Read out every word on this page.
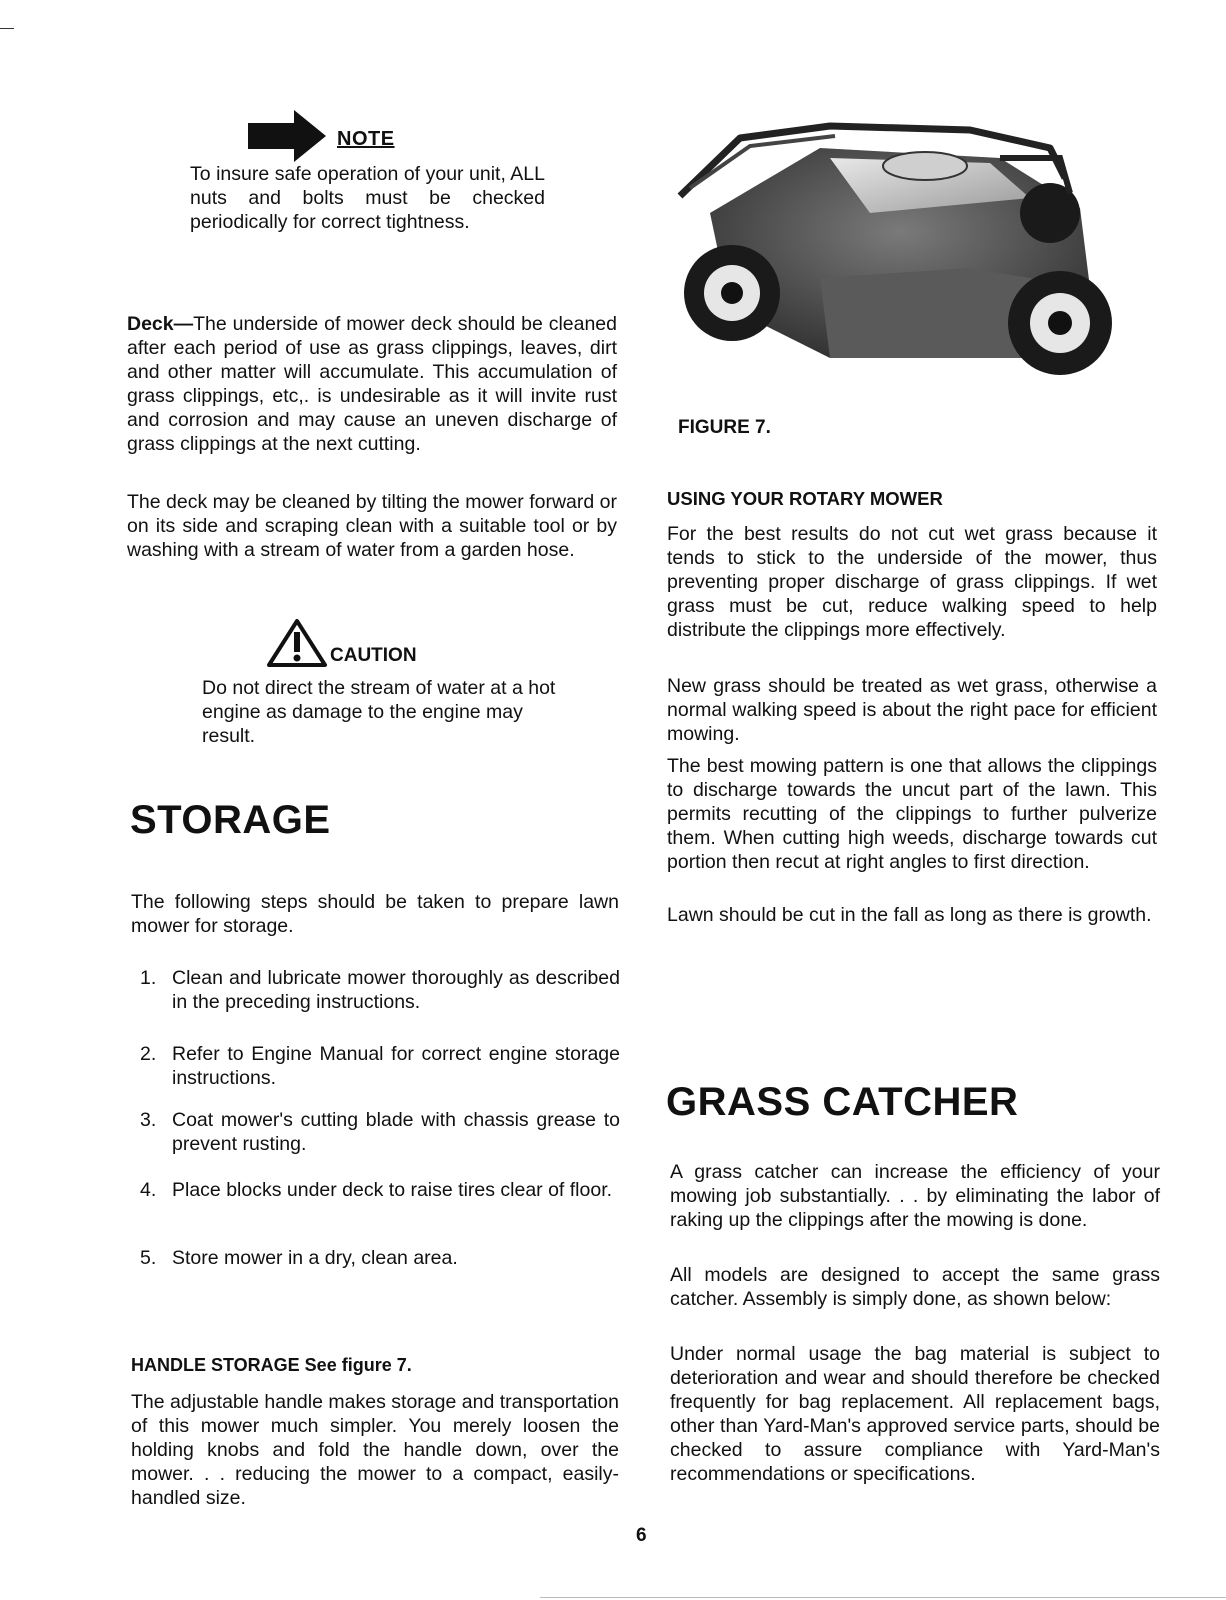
NOTE

To insure safe operation of your unit, ALL nuts and bolts must be checked periodically for correct tightness.

Deck—The underside of mower deck should be cleaned after each period of use as grass clippings, leaves, dirt and other matter will accumulate. This accumulation of grass clippings, etc,. is undesirable as it will invite rust and corrosion and may cause an uneven discharge of grass clippings at the next cutting.

The deck may be cleaned by tilting the mower forward or on its side and scraping clean with a suitable tool or by washing with a stream of water from a garden hose.

CAUTION

Do not direct the stream of water at a hot engine as damage to the engine may result.

STORAGE

The following steps should be taken to prepare lawn mower for storage.

1. Clean and lubricate mower thoroughly as described in the preceding instructions.
2. Refer to Engine Manual for correct engine storage instructions.
3. Coat mower's cutting blade with chassis grease to prevent rusting.
4. Place blocks under deck to raise tires clear of floor.
5. Store mower in a dry, clean area.
HANDLE STORAGE See figure 7.

The adjustable handle makes storage and transportation of this mower much simpler. You merely loosen the holding knobs and fold the handle down, over the mower. . . reducing the mower to a compact, easily-handled size.

FIGURE 7.
USING YOUR ROTARY MOWER

For the best results do not cut wet grass because it tends to stick to the underside of the mower, thus preventing proper discharge of grass clippings. If wet grass must be cut, reduce walking speed to help distribute the clippings more effectively.

New grass should be treated as wet grass, otherwise a normal walking speed is about the right pace for efficient mowing.

The best mowing pattern is one that allows the clippings to discharge towards the uncut part of the lawn. This permits recutting of the clippings to further pulverize them. When cutting high weeds, discharge towards cut portion then recut at right angles to first direction.

Lawn should be cut in the fall as long as there is growth.

GRASS CATCHER

A grass catcher can increase the efficiency of your mowing job substantially. . . by eliminating the labor of raking up the clippings after the mowing is done.

All models are designed to accept the same grass catcher. Assembly is simply done, as shown below:

Under normal usage the bag material is subject to deterioration and wear and should therefore be checked frequently for bag replacement. All replacement bags, other than Yard-Man's approved service parts, should be checked to assure compliance with Yard-Man's recommendations or specifications.

6
